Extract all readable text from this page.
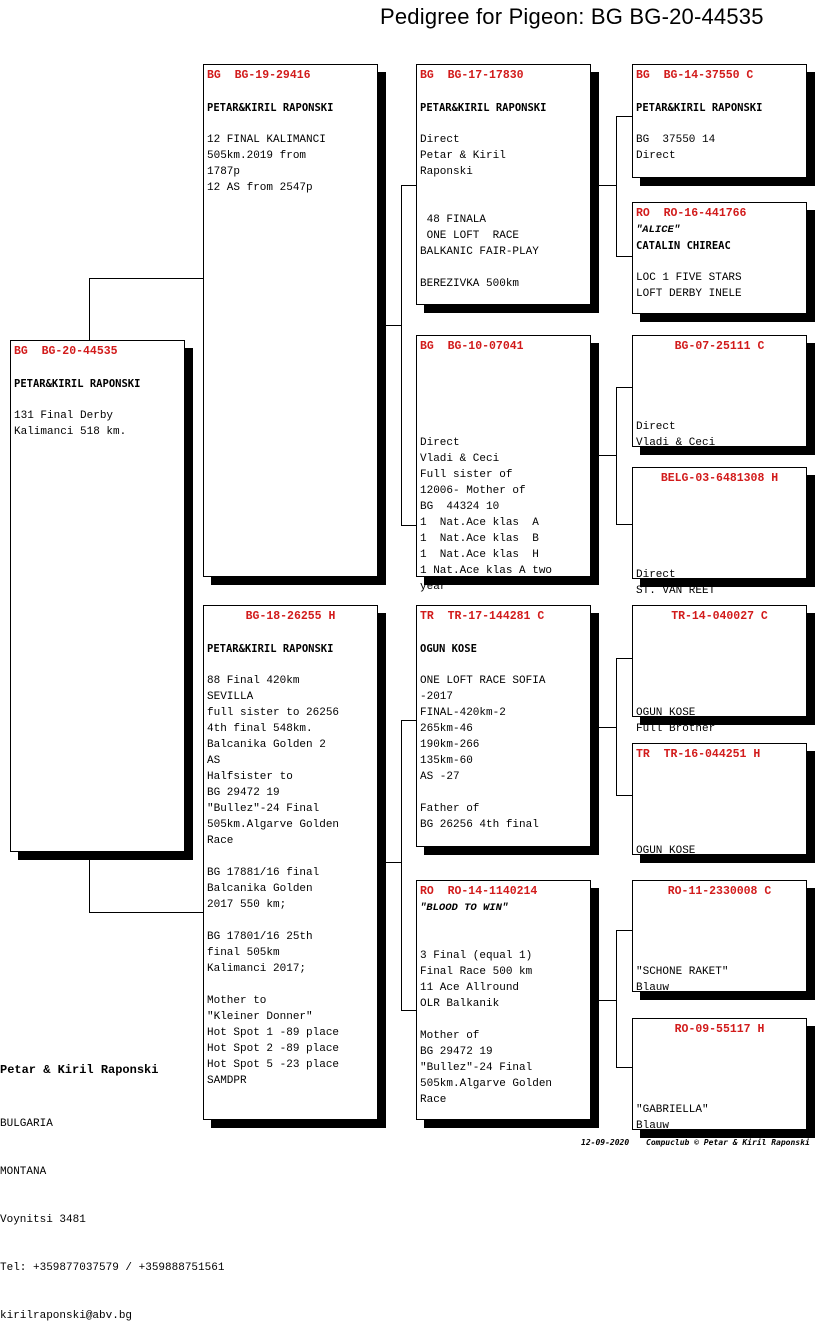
Pedigree for Pigeon: BG BG-20-44535
BG  BG-20-44535

PETAR&KIRIL RAPONSKI

131 Final Derby
Kalimanci 518 km.
BG  BG-19-29416

PETAR&KIRIL RAPONSKI

12 FINAL KALIMANCI
505km.2019 from
1787p
12 AS from 2547p
BG-18-26255 H

PETAR&KIRIL RAPONSKI

88 Final 420km
SEVILLA
full sister to 26256
4th final 548km.
Balcanika Golden 2
AS
Halfsister to
BG 29472 19
"Bullez"-24 Final
505km.Algarve Golden
Race

BG 17881/16 final
Balcanika Golden
2017 550 km;

BG 17801/16 25th
final 505km
Kalimanci 2017;

Mother to
"Kleiner Donner"
Hot Spot 1 -89 place
Hot Spot 2 -89 place
Hot Spot 5 -23 place
SAMDPR
BG  BG-17-17830

PETAR&KIRIL RAPONSKI

Direct
Petar & Kiril
Raponski

48 FINALA
ONE LOFT  RACE
BALKANIC FAIR-PLAY

BEREZIVKA 500km
BG  BG-10-07041

Direct
Vladi & Ceci
Full sister of
12006- Mother of
BG  44324 10
1  Nat.Ace klas  A
1  Nat.Ace klas  B
1  Nat.Ace klas  H
1 Nat.Ace klas A two
year
TR  TR-17-144281 C

OGUN KOSE

ONE LOFT RACE SOFIA
-2017
FINAL-420km-2
265km-46
190km-266
135km-60
AS -27

Father of
BG 26256 4th final
RO  RO-14-1140214
"BLOOD TO WIN"

3 Final (equal 1)
Final Race 500 km
11 Ace Allround
OLR Balkanik

Mother of
BG 29472 19
"Bullez"-24 Final
505km.Algarve Golden
Race
BG  BG-14-37550 C

PETAR&KIRIL RAPONSKI

BG  37550 14
Direct
RO  RO-16-441766
"ALICE"
CATALIN CHIREAC

LOC 1 FIVE STARS
LOFT DERBY INELE
BG-07-25111 C

Direct
Vladi & Ceci
BELG-03-6481308 H

Direct
ST. VAN REET
TR-14-040027 C

OGUN KOSE
Full Brother
TR  TR-16-044251 H

OGUN KOSE
RO-11-2330008 C

"SCHONE RAKET"
Blauw
RO-09-55117 H

"GABRIELLA"
Blauw

Petar & Kiril Raponski

BULGARIA

MONTANA

Voynitsi 3481

Tel: +359877037579 / +359888751561

kirilraponski@abv.bg

12-09-2020 Compuclub © Petar & Kiril Raponski
